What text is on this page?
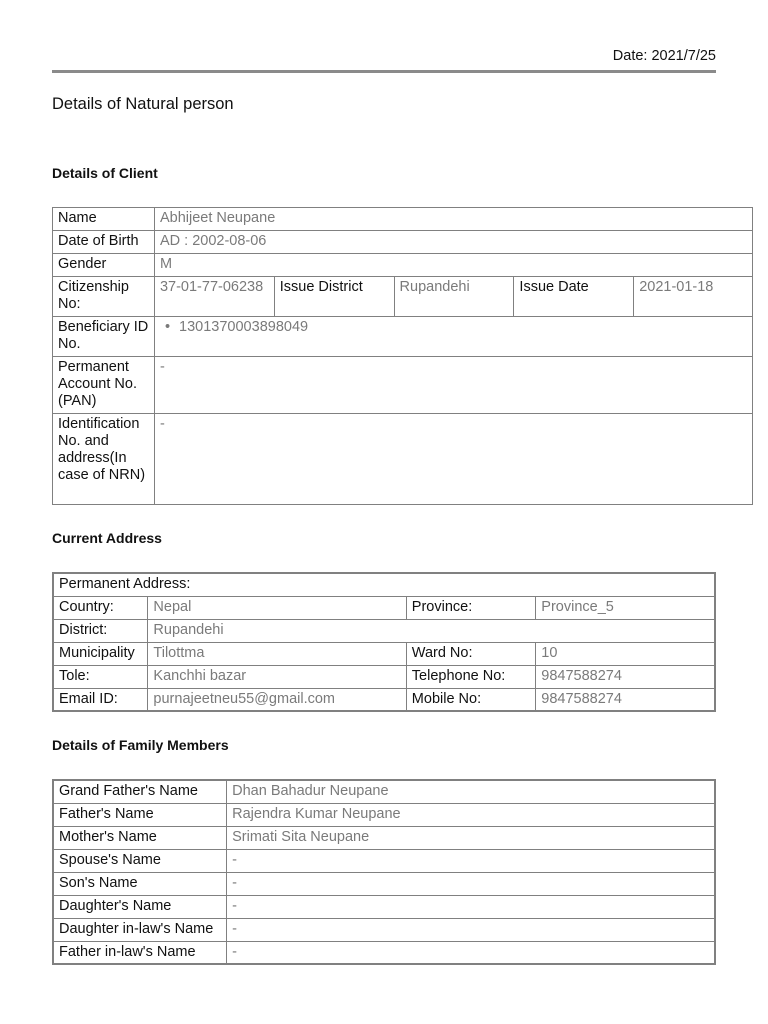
Date: 2021/7/25
Details of Natural person
Details of Client
Name	Abhijeet Neupane				
Date of Birth	AD : 2002-08-06				
Gender	M				
Citizenship No:	37-01-77-06238	Issue District	Rupandehi	Issue Date	2021-01-18
Beneficiary ID No.	• 1301370003898049
Permanent Account No. (PAN)	-				
Identification No. and address(In case of NRN)	-				
Current Address
Permanent Address:			
Country:	Nepal	Province:	Province_5
District:	Rupandehi		
Municipality	Tilottma	Ward No:	10
Tole:	Kanchhi bazar	Telephone No:	9847588274
Email ID:	purnajeetneu55@gmail.com	Mobile No:	9847588274
Details of Family Members
Grand Father's Name	Dhan Bahadur Neupane
Father's Name	Rajendra Kumar Neupane
Mother's Name	Srimati Sita Neupane
Spouse's Name	-
Son's Name	-
Daughter's Name	-
Daughter in-law's Name	-
Father in-law's Name	-
